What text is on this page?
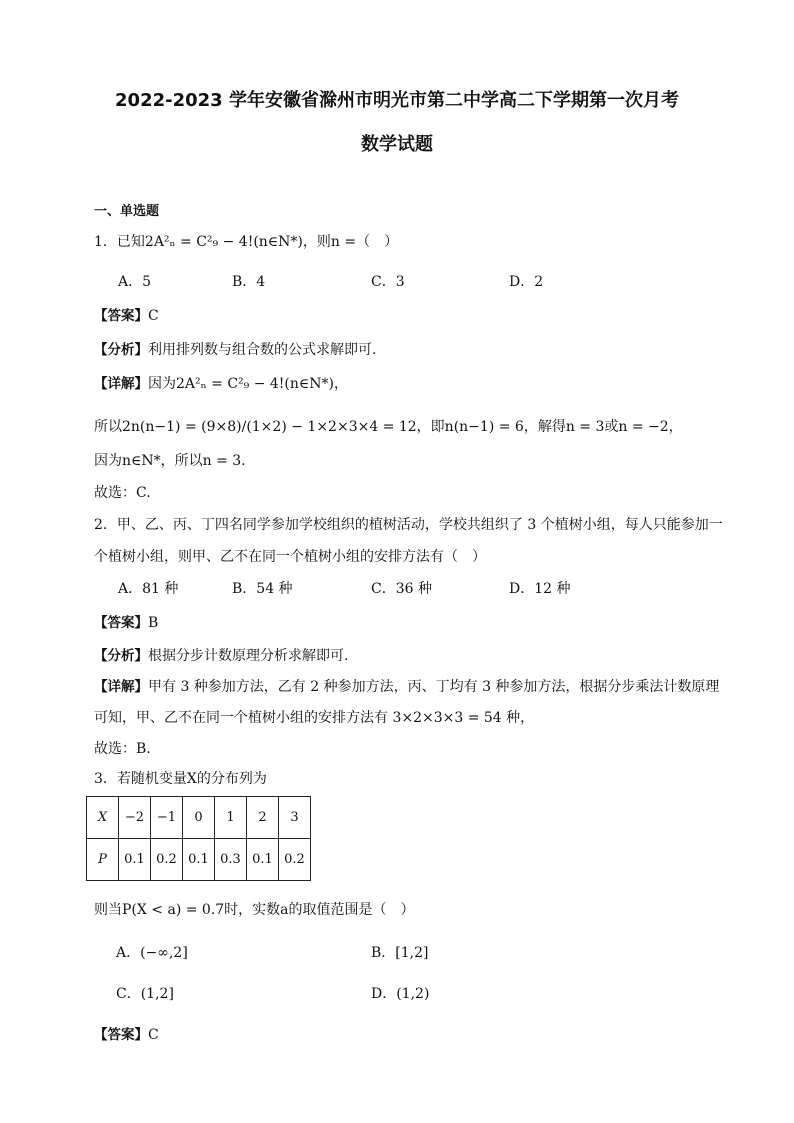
2022-2023 学年安徽省滁州市明光市第二中学高二下学期第一次月考
数学试题
一、单选题
1．已知2A²ₙ = C²₉ − 4!(n∈N*)，则n =（　）
A．5	B．4	C．3	D．2
【答案】C
【分析】利用排列数与组合数的公式求解即可.
【详解】因为2A²ₙ = C²₉ − 4!(n∈N*)，
所以2n(n−1) = (9×8)/(1×2) − 1×2×3×4 = 12，即n(n−1) = 6，解得n = 3或n = −2，
因为n∈N*，所以n = 3.
故选：C.
2．甲、乙、丙、丁四名同学参加学校组织的植树活动，学校共组织了 3 个植树小组，每人只能参加一
个植树小组，则甲、乙不在同一个植树小组的安排方法有（　）
A．81 种	B．54 种	C．36 种	D．12 种
【答案】B
【分析】根据分步计数原理分析求解即可.
【详解】甲有 3 种参加方法，乙有 2 种参加方法，丙、丁均有 3 种参加方法，根据分步乘法计数原理
可知，甲、乙不在同一个植树小组的安排方法有 3×2×3×3 = 54 种，
故选：B.
3．若随机变量X的分布列为
X	−2	−1	0	1	2	3
P	0.1	0.2	0.1	0.3	0.1	0.2
则当P(X < a) = 0.7时，实数a的取值范围是（　）
A．(−∞,2]	B．[1,2]
C．(1,2]	D．(1,2)
【答案】C
